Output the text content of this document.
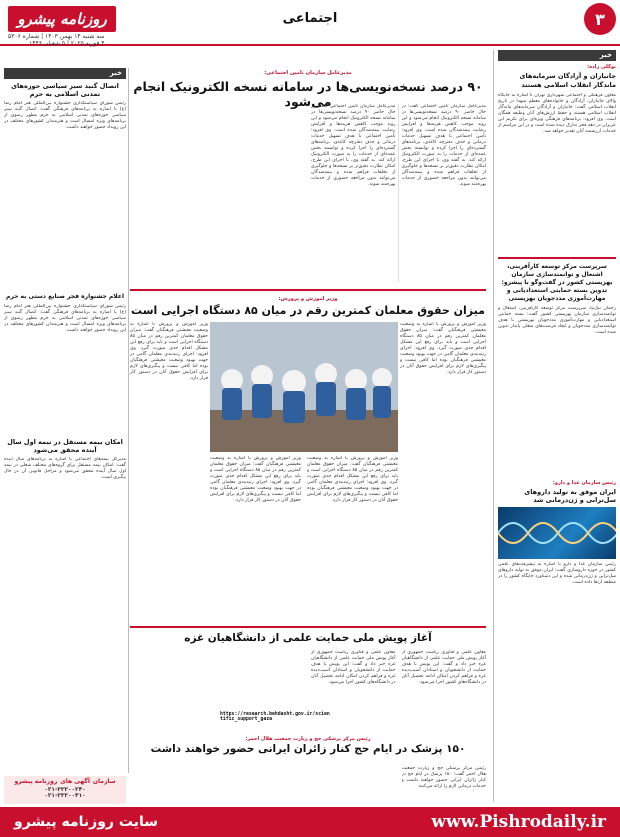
روزنامه پیشرو
سه شنبه ۱۴ بهمن ۱۴۰۳ | شماره ۵۳۰۶
۴ فوریه ۲۰۲۵ | ۵ شعبان ۱۴۴۶
اجتماعی	۳
خبر
نوگلی زاده:
جانبازان و آزادگان سرمایه‌های ماندگار انقلاب اسلامی هستند
معاون فرهنگی و اجتماعی شهرداری تهران با اشاره به جایگاه والای جانبازان، آزادگان و خانواده‌های معظم شهدا در تاریخ انقلاب اسلامی گفت: جانبازان و آزادگان سرمایه‌های ماندگار انقلاب اسلامی هستند و حفظ ارزش‌های آنان وظیفه همگان است. وی افزود: برنامه‌های فرهنگی ویژه‌ای برای تکریم این عزیزان در دهه فجر تدارک دیده شده است و در این مراسم از خدمات ارزشمند آنان تقدیر خواهد شد.
سرپرست مرکز توسعه کارآفرینی، اشتغال و توانمندسازی سازمان بهزیستی کشور در گفت‌وگو با پیشرو: تدوین بسته حمایتی استعدادیابی و مهارت‌آموزی مددجویان بهزیستی
رحمان نیک‌نیا، سرپرست مرکز توسعه کارآفرینی، اشتغال و توانمندسازی سازمان بهزیستی کشور گفت: بسته حمایتی استعدادیابی و مهارت‌آموزی مددجویان بهزیستی با هدف توانمندسازی مددجویان و ایجاد فرصت‌های شغلی پایدار تدوین شده است.
رئیس سازمان غذا و دارو:
ایران موفق به تولید داروهای سل‌ترابی و ژن‌درمانی شد
رئیس سازمان غذا و دارو با اشاره به پیشرفت‌های علمی کشور در حوزه داروسازی گفت: ایران موفق به تولید داروهای سل‌ترابی و ژن‌درمانی شده و این دستاورد جایگاه کشور را در منطقه ارتقا داده است.
مدیرعامل سازمان تأمین اجتماعی:
۹۰ درصد نسخه‌نویسی‌ها در سامانه نسخه الکترونیک انجام می‌شود	مدیرعامل سازمان تأمین اجتماعی گفت: در حال حاضر ۹۰ درصد نسخه‌نویسی‌ها در سامانه نسخه الکترونیک انجام می‌شود و این روند موجب کاهش هزینه‌ها و افزایش رضایت بیمه‌شدگان شده است. وی افزود: تأمین اجتماعی با هدف تسهیل خدمات درمانی و حذف دفترچه کاغذی، برنامه‌های گسترده‌ای را اجرا کرده و توانسته بخش عمده‌ای از خدمات را به صورت الکترونیک ارائه کند. به گفته وی، با اجرای این طرح، امکان نظارت دقیق‌تر بر نسخه‌ها و جلوگیری از تخلفات فراهم شده و بیمه‌شدگان می‌توانند بدون مراجعه حضوری از خدمات بهره‌مند شوند.
مدیرعامل سازمان تأمین اجتماعی گفت: در حال حاضر ۹۰ درصد نسخه‌نویسی‌ها در سامانه نسخه الکترونیک انجام می‌شود و این روند موجب کاهش هزینه‌ها و افزایش رضایت بیمه‌شدگان شده است. وی افزود: تأمین اجتماعی با هدف تسهیل خدمات درمانی و حذف دفترچه کاغذی، برنامه‌های گسترده‌ای را اجرا کرده و توانسته بخش عمده‌ای از خدمات را به صورت الکترونیک ارائه کند. به گفته وی، با اجرای این طرح، امکان نظارت دقیق‌تر بر نسخه‌ها و جلوگیری از تخلفات فراهم شده و بیمه‌شدگان می‌توانند بدون مراجعه حضوری از خدمات بهره‌مند شوند.
خبر
اتصال گنبد سبز سیاسی حوزه‌های تمدنی اسلامی به حرم
رئیس شورای سیاستگذاری جشنواره بین‌المللی هنر امام رضا (ع) با اشاره به برنامه‌های فرهنگی گفت: اتصال گنبد سبز سیاسی حوزه‌های تمدنی اسلامی به حرم مطهر رضوی از برنامه‌های ویژه امسال است و هنرمندان کشورهای مختلف در این رویداد حضور خواهند داشت.
اعلام جشنواره فجر صنایع دستی به حرم
رئیس شورای سیاستگذاری جشنواره بین‌المللی هنر امام رضا (ع) با اشاره به برنامه‌های فرهنگی گفت: اتصال گنبد سبز سیاسی حوزه‌های تمدنی اسلامی به حرم مطهر رضوی از برنامه‌های ویژه امسال است و هنرمندان کشورهای مختلف در این رویداد حضور خواهند داشت.
امکان بیمه مستقل در نیمه اول سال آینده محقق می‌شود
مدیرکل بیمه‌های اجتماعی با اشاره به برنامه‌های سال آینده گفت: امکان بیمه مستقل برای گروه‌های مختلف شغلی در نیمه اول سال آینده محقق می‌شود و مراحل قانونی آن در حال پیگیری است.
وزیر آموزش و پرورش:
میزان حقوق معلمان کمترین رقم در میان ۸۵ دستگاه اجرایی است
وزیر آموزش و پرورش با اشاره به وضعیت معیشتی فرهنگیان گفت: میزان حقوق معلمان کمترین رقم در میان ۸۵ دستگاه اجرایی است و باید برای رفع این مشکل اقدام جدی صورت گیرد. وی افزود: اجرای رتبه‌بندی معلمان گامی در جهت بهبود وضعیت معیشتی فرهنگیان بوده اما کافی نیست و پیگیری‌های لازم برای افزایش حقوق آنان در دستور کار قرار دارد.
وزیر آموزش و پرورش با اشاره به وضعیت معیشتی فرهنگیان گفت: میزان حقوق معلمان کمترین رقم در میان ۸۵ دستگاه اجرایی است و باید برای رفع این مشکل اقدام جدی صورت گیرد. وی افزود: اجرای رتبه‌بندی معلمان گامی در جهت بهبود وضعیت معیشتی فرهنگیان بوده اما کافی نیست و پیگیری‌های لازم برای افزایش حقوق آنان در دستور کار قرار دارد.
وزیر آموزش و پرورش با اشاره به وضعیت معیشتی فرهنگیان گفت: میزان حقوق معلمان کمترین رقم در میان ۸۵ دستگاه اجرایی است و باید برای رفع این مشکل اقدام جدی صورت گیرد. وی افزود: اجرای رتبه‌بندی معلمان گامی در جهت بهبود وضعیت معیشتی فرهنگیان بوده اما کافی نیست و پیگیری‌های لازم برای افزایش حقوق آنان در دستور کار قرار دارد.
وزیر آموزش و پرورش با اشاره به وضعیت معیشتی فرهنگیان گفت: میزان حقوق معلمان کمترین رقم در میان ۸۵ دستگاه اجرایی است و باید برای رفع این مشکل اقدام جدی صورت گیرد. وی افزود: اجرای رتبه‌بندی معلمان گامی در جهت بهبود وضعیت معیشتی فرهنگیان بوده اما کافی نیست و پیگیری‌های لازم برای افزایش حقوق آنان در دستور کار قرار دارد.
آغاز پویش ملی حمایت علمی از دانشگاهیان غزه
معاون علمی و فناوری ریاست جمهوری از آغاز پویش ملی حمایت علمی از دانشگاهیان غزه خبر داد و گفت: این پویش با هدف حمایت از دانشجویان و استادان آسیب‌دیده غزه و فراهم کردن امکان ادامه تحصیل آنان در دانشگاه‌های کشور اجرا می‌شود.
معاون علمی و فناوری ریاست جمهوری از آغاز پویش ملی حمایت علمی از دانشگاهیان غزه خبر داد و گفت: این پویش با هدف حمایت از دانشجویان و استادان آسیب‌دیده غزه و فراهم کردن امکان ادامه تحصیل آنان در دانشگاه‌های کشور اجرا می‌شود.
https://research.behdasht.gov.ir/scientific_support_gaza
رئیس مرکز پزشکی حج و زیارت جمعیت هلال احمر:
۱۵۰ پزشک در ایام حج کنار زائران ایرانی حضور خواهند داشت
رئیس مرکز پزشکی حج و زیارت جمعیت هلال احمر گفت: ۱۵۰ پزشک در ایام حج در کنار زائران ایرانی حضور خواهند داشت و خدمات درمانی لازم را ارائه می‌کنند.
سازمان
آگهی های
روزنامه پیشرو
۰۲۱-۳۳۳۰۰۲۴۰
۰۲۱-۳۳۳۰۰۴۱۰
www.Pishrodaily.ir
سایت روزنامه پیشرو
